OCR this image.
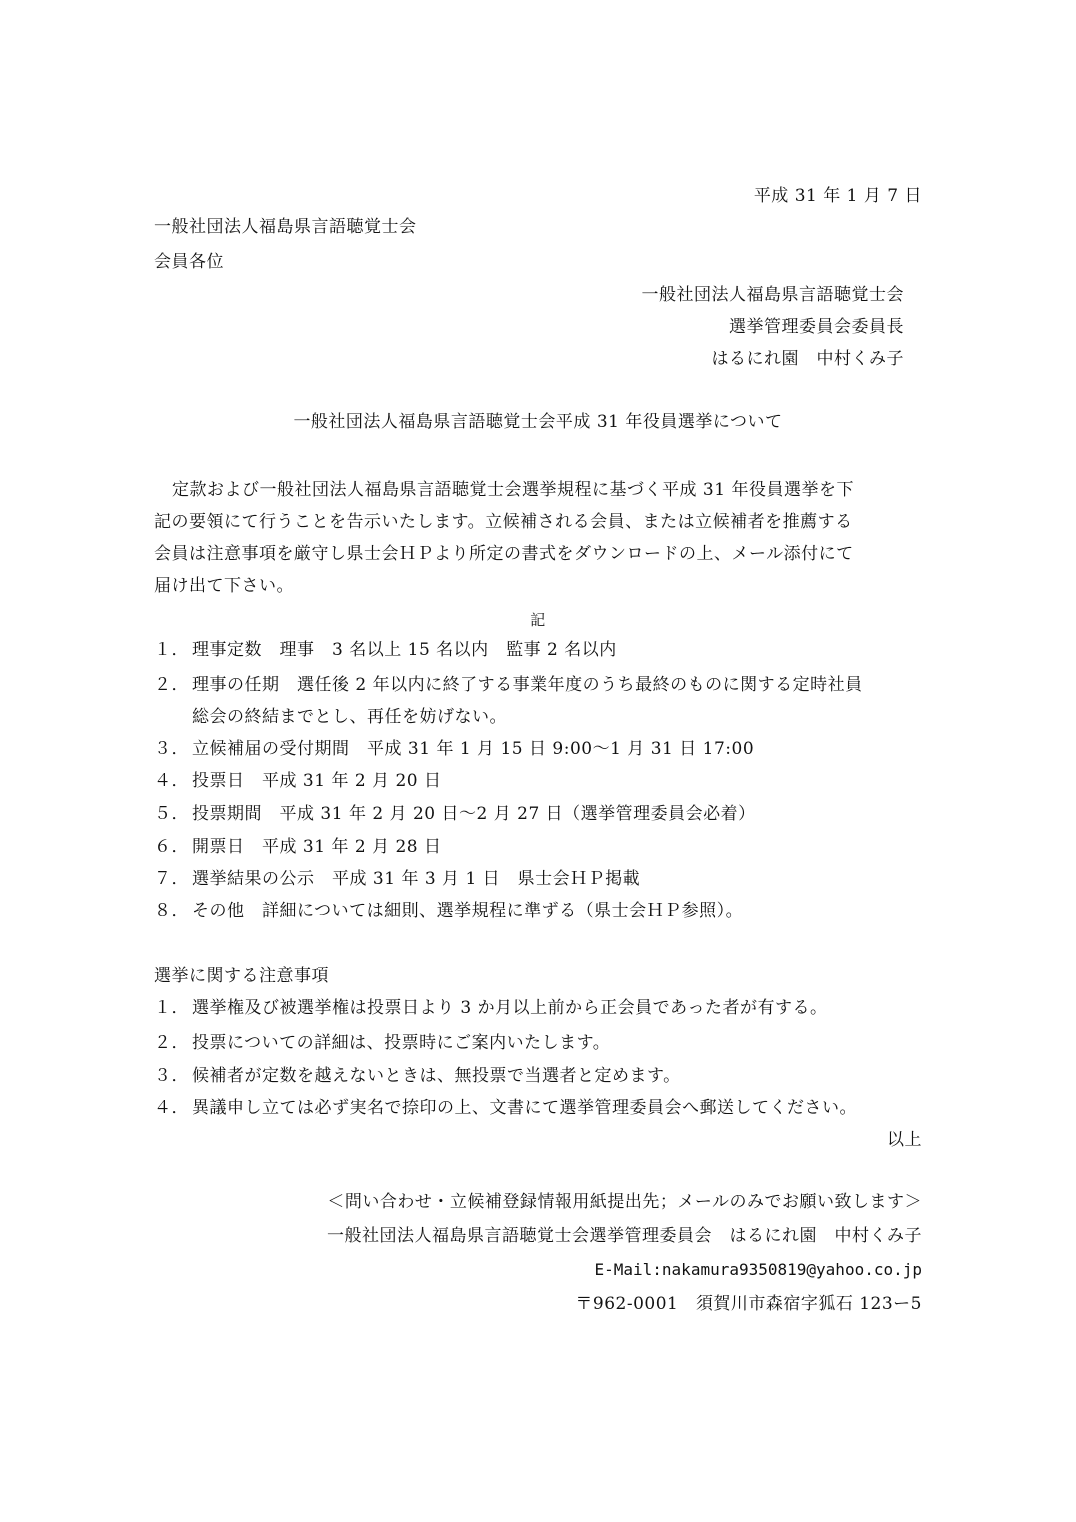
平成 31 年 1 月 7 日
一般社団法人福島県言語聴覚士会
会員各位
一般社団法人福島県言語聴覚士会
選挙管理委員会委員長
はるにれ園　中村くみ子
一般社団法人福島県言語聴覚士会平成 31 年役員選挙について
定款および一般社団法人福島県言語聴覚士会選挙規程に基づく平成 31 年役員選挙を下
記の要領にて行うことを告示いたします。立候補される会員、または立候補者を推薦する
会員は注意事項を厳守し県士会ＨＰより所定の書式をダウンロードの上、メール添付にて
届け出て下さい。
記
１． 理事定数　理事　3 名以上 15 名以内　監事 2 名以内
２． 理事の任期　選任後 2 年以内に終了する事業年度のうち最終のものに関する定時社員
総会の終結までとし、再任を妨げない。
３． 立候補届の受付期間　平成 31 年 1 月 15 日 9:00～1 月 31 日 17:00
４． 投票日　平成 31 年 2 月 20 日
５． 投票期間　平成 31 年 2 月 20 日～2 月 27 日（選挙管理委員会必着）
６． 開票日　平成 31 年 2 月 28 日
７． 選挙結果の公示　平成 31 年 3 月 1 日　県士会ＨＰ掲載
８． その他　詳細については細則、選挙規程に準ずる（県士会ＨＰ参照）。
選挙に関する注意事項
１． 選挙権及び被選挙権は投票日より 3 か月以上前から正会員であった者が有する。
２． 投票についての詳細は、投票時にご案内いたします。
３． 候補者が定数を越えないときは、無投票で当選者と定めます。
４． 異議申し立ては必ず実名で捺印の上、文書にて選挙管理委員会へ郵送してください。
以上
＜問い合わせ・立候補登録情報用紙提出先；メールのみでお願い致します＞
一般社団法人福島県言語聴覚士会選挙管理委員会　はるにれ園　中村くみ子
E-Mail:nakamura9350819@yahoo.co.jp
〒962-0001　須賀川市森宿字狐石 123ー5
